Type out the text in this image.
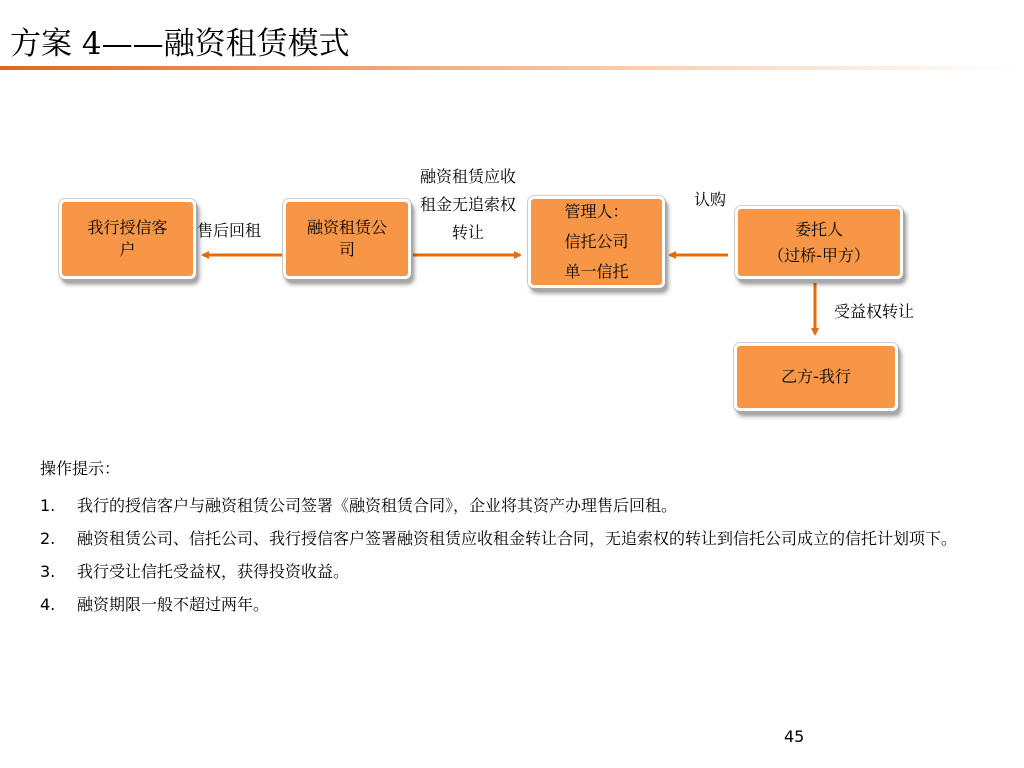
方案 4——融资租赁模式
我行授信客
户
融资租赁公
司
管理人：
信托公司
单一信托
委托人
（过桥-甲方）
乙方-我行
售后回租
融资租赁应收
租金无追索权
转让
认购
受益权转让
操作提示：
1. 我行的授信客户与融资租赁公司签署《融资租赁合同》，企业将其资产办理售后回租。
2. 融资租赁公司、信托公司、我行授信客户签署融资租赁应收租金转让合同，无追索权的转让到信托公司成立的信托计划项下。
3. 我行受让信托受益权，获得投资收益。
4. 融资期限一般不超过两年。
45
